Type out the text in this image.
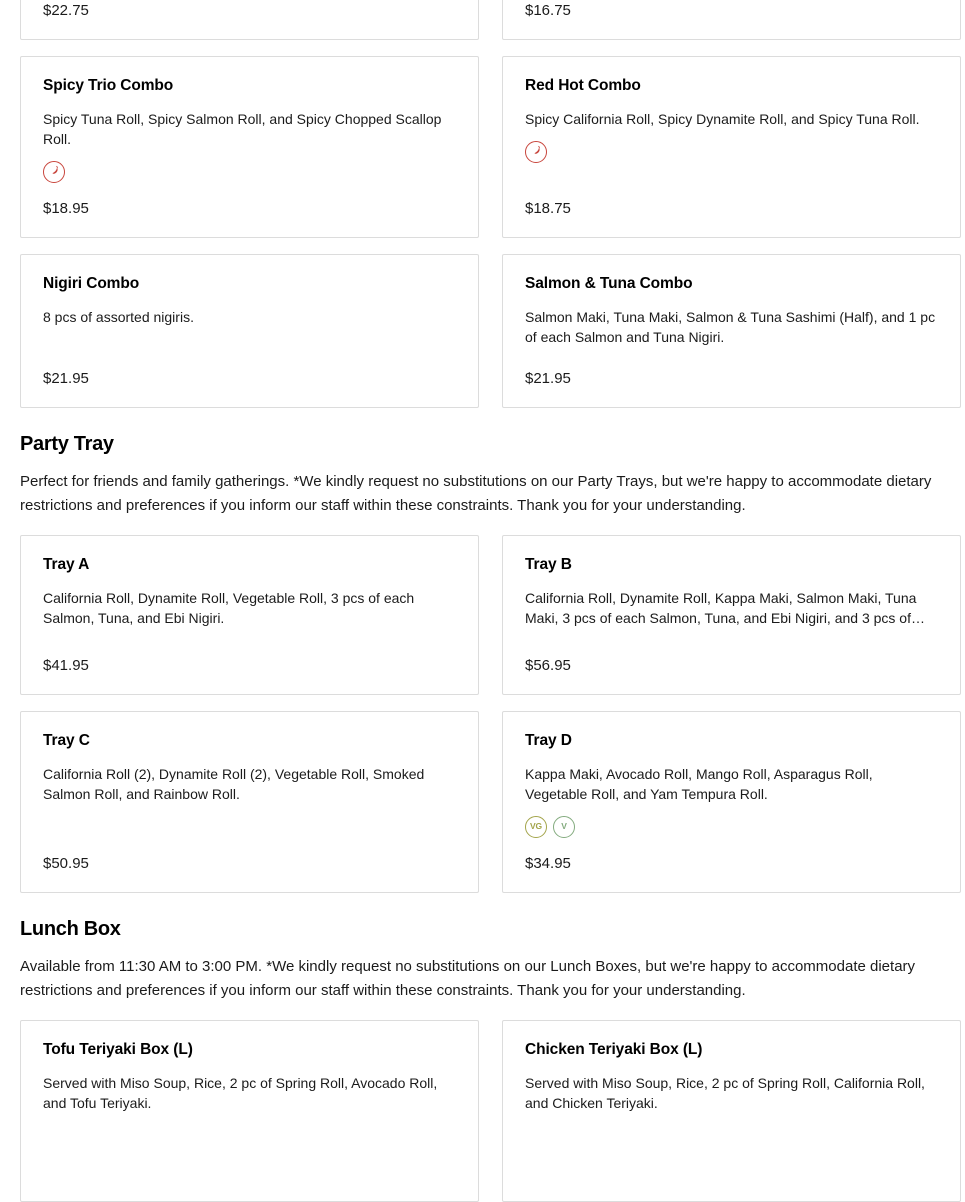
$22.75	$16.75
Spicy Trio Combo

Spicy Tuna Roll, Spicy Salmon Roll, and Spicy Chopped Scallop Roll.

$18.95
Red Hot Combo

Spicy California Roll, Spicy Dynamite Roll, and Spicy Tuna Roll.

$18.75
Nigiri Combo

8 pcs of assorted nigiris.

$21.95
Salmon & Tuna Combo

Salmon Maki, Tuna Maki, Salmon & Tuna Sashimi (Half), and 1 pc of each Salmon and Tuna Nigiri.

$21.95
Party Tray

Perfect for friends and family gatherings. *We kindly request no substitutions on our Party Trays, but we're happy to accommodate dietary restrictions and preferences if you inform our staff within these constraints. Thank you for your understanding.

Tray A

California Roll, Dynamite Roll, Vegetable Roll, 3 pcs of each Salmon, Tuna, and Ebi Nigiri.

$41.95
Tray B

California Roll, Dynamite Roll, Kappa Maki, Salmon Maki, Tuna Maki, 3 pcs of each Salmon, Tuna, and Ebi Nigiri, and 3 pcs of…

$56.95
Tray C

California Roll (2), Dynamite Roll (2), Vegetable Roll, Smoked Salmon Roll, and Rainbow Roll.

$50.95
Tray D

Kappa Maki, Avocado Roll, Mango Roll, Asparagus Roll, Vegetable Roll, and Yam Tempura Roll.

VG V
$34.95
Lunch Box

Available from 11:30 AM to 3:00 PM. *We kindly request no substitutions on our Lunch Boxes, but we're happy to accommodate dietary restrictions and preferences if you inform our staff within these constraints. Thank you for your understanding.

Tofu Teriyaki Box (L)

Served with Miso Soup, Rice, 2 pc of Spring Roll, Avocado Roll, and Tofu Teriyaki.

Chicken Teriyaki Box (L)

Served with Miso Soup, Rice, 2 pc of Spring Roll, California Roll, and Chicken Teriyaki.
